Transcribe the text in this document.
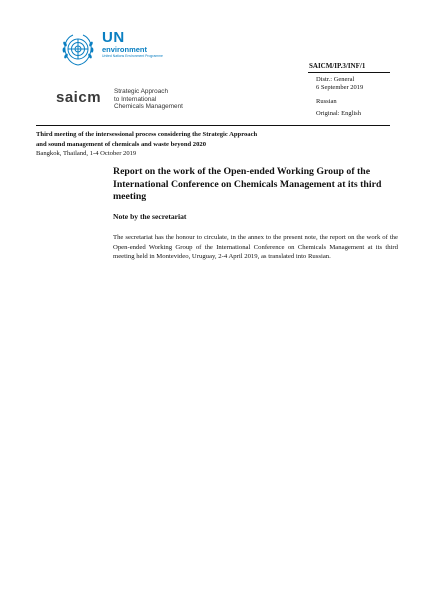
UN
environment
United Nations Environment Programme
SAICM/IP.3/INF/1
Distr.: General
6 September 2019
Russian
Original: English
saicm Strategic Approach
to International
Chemicals Management
Third meeting of the intersessional process considering the Strategic Approach
and sound management of chemicals and waste beyond 2020
Bangkok, Thailand, 1-4 October 2019
Report on the work of the Open-ended Working Group of the International Conference on Chemicals Management at its third meeting
Note by the secretariat
The secretariat has the honour to circulate, in the annex to the present note, the report on the work of the Open-ended Working Group of the International Conference on Chemicals Management at its third meeting held in Montevideo, Uruguay, 2-4 April 2019, as translated into Russian.
